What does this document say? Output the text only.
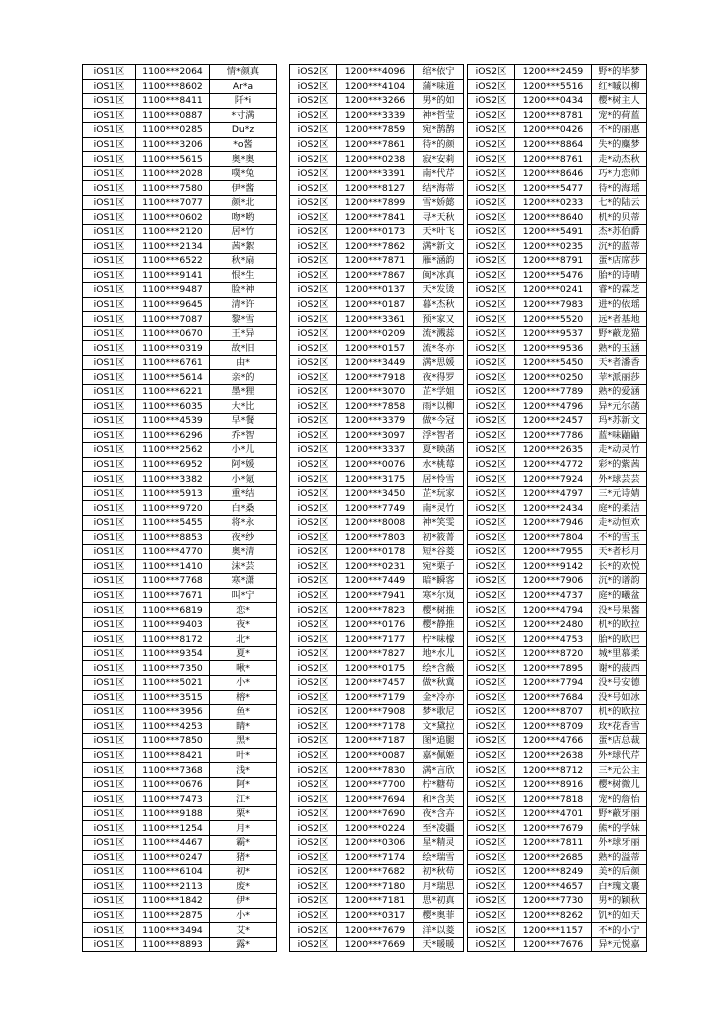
iOS1区	1100***2064	情*颜真
iOS1区	1100***8602	Ar*a
iOS1区	1100***8411	阡*i
iOS1区	1100***0887	*寸满
iOS1区	1100***0285	Du*z
iOS1区	1100***3206	*o酱
iOS1区	1100***5615	奥*奥
iOS1区	1100***2028	噗*兔
iOS1区	1100***7580	伊*酱
iOS1区	1100***7077	颜*北
iOS1区	1100***0602	吻*哟
iOS1区	1100***2120	居*竹
iOS1区	1100***2134	茜*絮
iOS1区	1100***6522	秋*扇
iOS1区	1100***9141	恨*生
iOS1区	1100***9487	脸*神
iOS1区	1100***9645	清*许
iOS1区	1100***7087	黎*雪
iOS1区	1100***0670	王*异
iOS1区	1100***0319	故*旧
iOS1区	1100***6761	由*
iOS1区	1100***5614	亲*的
iOS1区	1100***6221	墨*狸
iOS1区	1100***6035	大*比
iOS1区	1100***4539	早*餐
iOS1区	1100***6296	乔*智
iOS1区	1100***2562	小*儿
iOS1区	1100***6952	阿*媛
iOS1区	1100***3382	小*氪
iOS1区	1100***5913	重*结
iOS1区	1100***9720	白*桑
iOS1区	1100***5455	将*永
iOS1区	1100***8853	夜*纱
iOS1区	1100***4770	奥*清
iOS1区	1100***1410	沫*芸
iOS1区	1100***7768	寒*潇
iOS1区	1100***7671	叫*宁
iOS1区	1100***6819	恋*
iOS1区	1100***9403	夜*
iOS1区	1100***8172	北*
iOS1区	1100***9354	夏*
iOS1区	1100***7350	啾*
iOS1区	1100***5021	小*
iOS1区	1100***3515	榕*
iOS1区	1100***3956	鱼*
iOS1区	1100***4253	睛*
iOS1区	1100***7850	黑*
iOS1区	1100***8421	叶*
iOS1区	1100***7368	浅*
iOS1区	1100***0676	阿*
iOS1区	1100***7473	江*
iOS1区	1100***9188	栗*
iOS1区	1100***1254	月*
iOS1区	1100***4467	霸*
iOS1区	1100***0247	猪*
iOS1区	1100***6104	初*
iOS1区	1100***2113	废*
iOS1区	1100***1842	伊*
iOS1区	1100***2875	小*
iOS1区	1100***3494	艾*
iOS1区	1100***8893	露*
iOS2区	1200***4096	绾*依宁
iOS2区	1200***4104	蒲*味道
iOS2区	1200***3266	男*的如
iOS2区	1200***3339	神*哲莹
iOS2区	1200***7859	宛*鹊鹊
iOS2区	1200***7861	待*的颜
iOS2区	1200***0238	寂*安莉
iOS2区	1200***3391	南*代芹
iOS2区	1200***8127	结*海蒂
iOS2区	1200***7899	雪*娇懿
iOS2区	1200***7841	寻*天秋
iOS2区	1200***0173	天*叶飞
iOS2区	1200***7862	满*新文
iOS2区	1200***7871	雁*涵韵
iOS2区	1200***7867	闽*冰真
iOS2区	1200***0137	天*发烫
iOS2区	1200***0187	暮*杰秋
iOS2区	1200***3361	预*家又
iOS2区	1200***0209	流*溅蕊
iOS2区	1200***0157	流*冬亦
iOS2区	1200***3449	满*思媛
iOS2区	1200***7918	夜*得罗
iOS2区	1200***3070	芷*学姐
iOS2区	1200***7858	雨*以柳
iOS2区	1200***3379	做*今冠
iOS2区	1200***3097	浮*智者
iOS2区	1200***3337	夏*映菡
iOS2区	1200***0076	水*桃莓
iOS2区	1200***3175	居*怜雪
iOS2区	1200***3450	芷*玩家
iOS2区	1200***7749	南*灵竹
iOS2区	1200***8008	神*笑雯
iOS2区	1200***7803	初*筱菁
iOS2区	1200***0178	短*谷菱
iOS2区	1200***0231	宛*栗子
iOS2区	1200***7449	暗*瞬客
iOS2区	1200***7941	寒*尔岚
iOS2区	1200***7823	樱*树推
iOS2区	1200***0176	樱*静推
iOS2区	1200***7177	柠*味檬
iOS2区	1200***7827	地*水儿
iOS2区	1200***0175	绘*含薇
iOS2区	1200***7457	做*秋冀
iOS2区	1200***7179	金*冷亦
iOS2区	1200***7908	梦*歌尼
iOS2区	1200***7178	文*黛拉
iOS2区	1200***7187	图*追腿
iOS2区	1200***0087	嘉*佩姬
iOS2区	1200***7830	满*言欣
iOS2区	1200***7700	柠*糖苟
iOS2区	1200***7694	和*含芙
iOS2区	1200***7690	夜*含卉
iOS2区	1200***0224	至*凌疆
iOS2区	1200***0306	星*精灵
iOS2区	1200***7174	绘*瑞雪
iOS2区	1200***7682	初*秋苟
iOS2区	1200***7180	月*瑞思
iOS2区	1200***7181	思*初真
iOS2区	1200***0317	樱*奥菲
iOS2区	1200***7679	洋*以菱
iOS2区	1200***7669	天*暖暖
iOS2区	1200***2459	野*的毕梦
iOS2区	1200***5516	红*嘁以柳
iOS2区	1200***0434	樱*树主人
iOS2区	1200***8781	宠*的荷蓝
iOS2区	1200***0426	不*的丽惠
iOS2区	1200***8864	失*的麋梦
iOS2区	1200***8761	走*动杰秋
iOS2区	1200***8646	巧*力恋师
iOS2区	1200***5477	待*的海瑶
iOS2区	1200***0233	七*的陆云
iOS2区	1200***8640	机*的贝蒂
iOS2区	1200***5491	杰*苏伯爵
iOS2区	1200***0235	沉*的蓝蒂
iOS2区	1200***8791	蛋*店席莎
iOS2区	1200***5476	胎*的诗晴
iOS2区	1200***0241	睿*的霖芝
iOS2区	1200***7983	进*的依瑶
iOS2区	1200***5520	远*者基地
iOS2区	1200***9537	野*蔽龙猫
iOS2区	1200***9536	熟*的玉涵
iOS2区	1200***5450	天*者潘香
iOS2区	1200***0250	苹*派丽莎
iOS2区	1200***7789	熟*的爱涵
iOS2区	1200***4796	异*元尔菡
iOS2区	1200***2457	玛*苏新文
iOS2区	1200***7786	蓝*味鼬鼬
iOS2区	1200***2635	走*动灵竹
iOS2区	1200***4772	彩*的紫茜
iOS2区	1200***7924	外*球芸芸
iOS2区	1200***4797	三*元诗婧
iOS2区	1200***2434	庭*的柔洁
iOS2区	1200***7946	走*动恒欢
iOS2区	1200***7804	不*的雪玉
iOS2区	1200***7955	天*者杉月
iOS2区	1200***9142	长*的欢悦
iOS2区	1200***7906	沉*的谱韵
iOS2区	1200***4737	庭*的曦盆
iOS2区	1200***4794	没*号果酱
iOS2区	1200***2480	机*的欧拉
iOS2区	1200***4753	胎*的欧巴
iOS2区	1200***8720	城*里慕柔
iOS2区	1200***7895	谢*的菠西
iOS2区	1200***7794	没*号安德
iOS2区	1200***7684	没*号如冰
iOS2区	1200***8707	机*的欧拉
iOS2区	1200***8709	玫*花香雪
iOS2区	1200***4766	蛋*店总裁
iOS2区	1200***2638	外*球代芹
iOS2区	1200***8712	三*元公主
iOS2区	1200***8916	樱*树微儿
iOS2区	1200***7818	宠*的詹怡
iOS2区	1200***4701	野*蔽牙丽
iOS2区	1200***7679	熊*的学妹
iOS2区	1200***7811	外*球牙丽
iOS2区	1200***2685	熟*的溢蒂
iOS2区	1200***8249	美*的后颜
iOS2区	1200***4657	白*瑰文裹
iOS2区	1200***7730	男*的颖秋
iOS2区	1200***8262	饥*的如天
iOS2区	1200***1157	不*的小宁
iOS2区	1200***7676	异*元悦嘉
